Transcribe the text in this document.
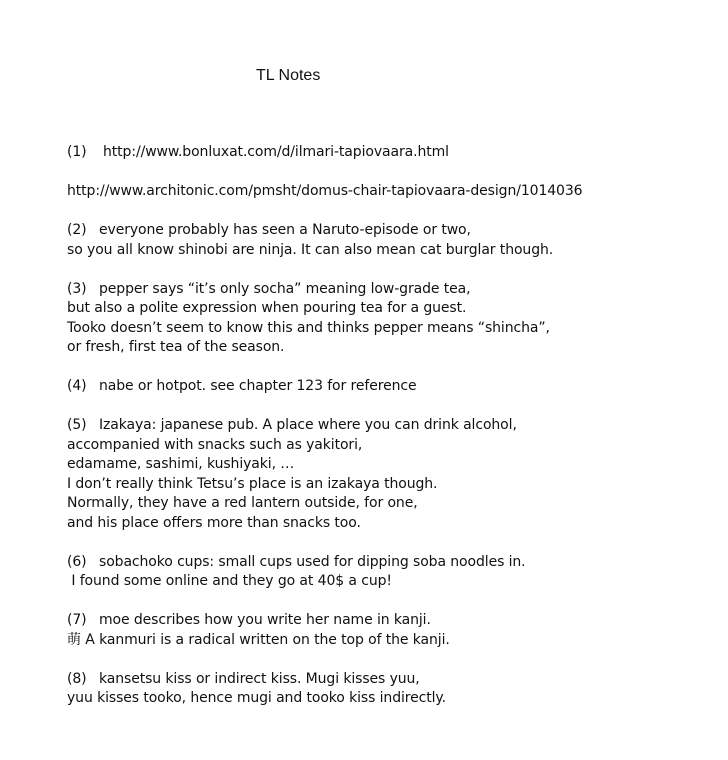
TL Notes
(1) http://www.bonluxat.com/d/ilmari-tapiovaara.html
http://www.architonic.com/pmsht/domus-chair-tapiovaara-design/1014036
(2) everyone probably has seen a Naruto-episode or two,
so you all know shinobi are ninja. It can also mean cat burglar though.
(3) pepper says “it’s only socha” meaning low-grade tea,
but also a polite expression when pouring tea for a guest.
Tooko doesn’t seem to know this and thinks pepper means “shincha”,
or fresh, first tea of the season.
(4) nabe or hotpot. see chapter 123 for reference
(5) Izakaya: japanese pub. A place where you can drink alcohol,
accompanied with snacks such as yakitori,
edamame, sashimi, kushiyaki, …
I don’t really think Tetsu’s place is an izakaya though.
Normally, they have a red lantern outside, for one,
and his place offers more than snacks too.
(6) sobachoko cups: small cups used for dipping soba noodles in.
I found some online and they go at 40$ a cup!
(7) moe describes how you write her name in kanji.
萌 A kanmuri is a radical written on the top of the kanji.
(8) kansetsu kiss or indirect kiss. Mugi kisses yuu,
yuu kisses tooko, hence mugi and tooko kiss indirectly.
